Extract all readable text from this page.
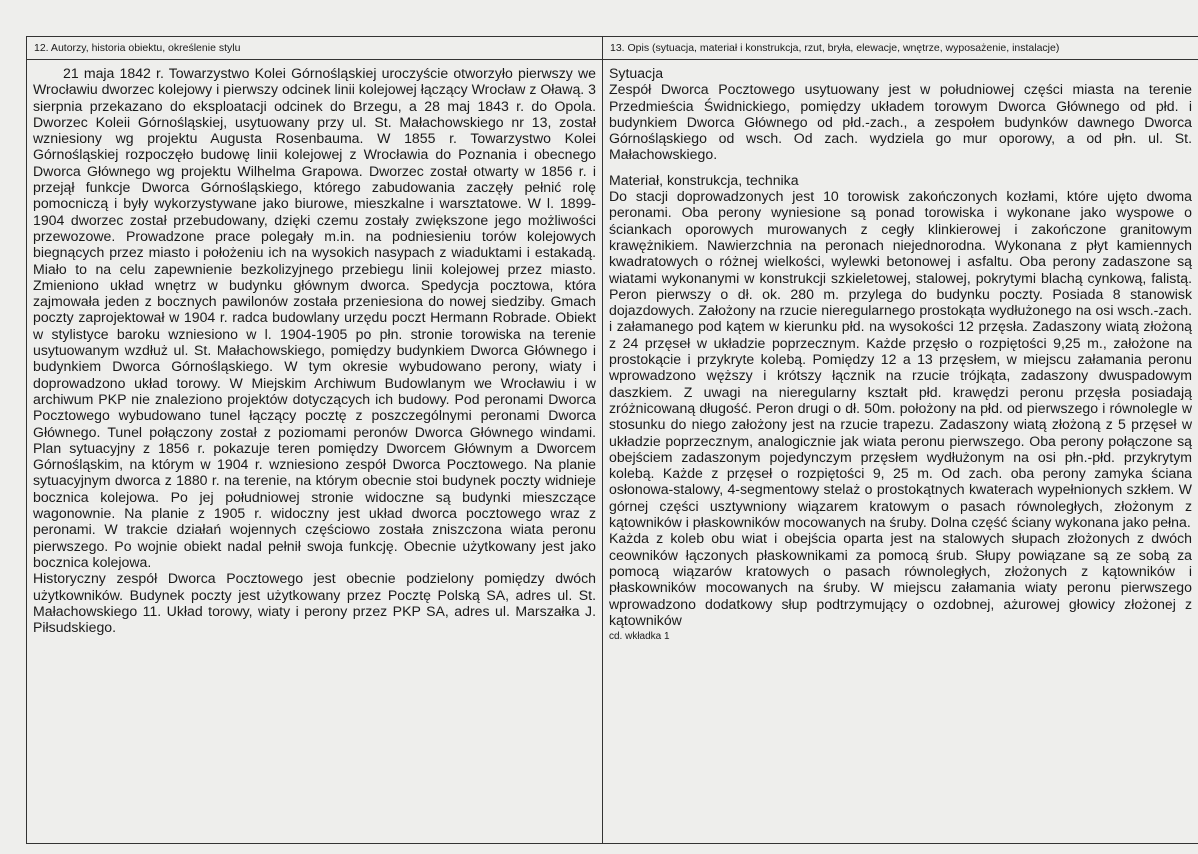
12. Autorzy, historia obiektu, określenie stylu

21 maja 1842 r. Towarzystwo Kolei Górnośląskiej uroczyście otworzyło pierwszy we Wrocławiu dworzec kolejowy i pierwszy odcinek linii kolejowej łączący Wrocław z Oławą. 3 sierpnia przekazano do eksploatacji odcinek do Brzegu, a 28 maj 1843 r. do Opola. Dworzec Koleii Górnośląskiej, usytuowany przy ul. St. Małachowskiego nr 13, został wzniesiony wg projektu Augusta Rosenbauma. W 1855 r. Towarzystwo Kolei Górnośląskiej rozpoczęło budowę linii kolejowej z Wrocławia do Poznania i obecnego Dworca Głównego wg projektu Wilhelma Grapowa. Dworzec został otwarty w 1856 r. i przejął funkcje Dworca Górnośląskiego, którego zabudowania zaczęły pełnić rolę pomocniczą i były wykorzystywane jako biurowe, mieszkalne i warsztatowe. W l. 1899-1904 dworzec został przebudowany, dzięki czemu zostały zwiększone jego możliwości przewozowe. Prowadzone prace polegały m.in. na podniesieniu torów kolejowych biegnących przez miasto i położeniu ich na wysokich nasypach z wiaduktami i estakadą. Miało to na celu zapewnienie bezkolizyjnego przebiegu linii kolejowej przez miasto. Zmieniono układ wnętrz w budynku głównym dworca. Spedycja pocztowa, która zajmowała jeden z bocznych pawilonów została przeniesiona do nowej siedziby. Gmach poczty zaprojektował w 1904 r. radca budowlany urzędu poczt Hermann Robrade. Obiekt w stylistyce baroku wzniesiono w l. 1904-1905 po płn. stronie torowiska na terenie usytuowanym wzdłuż ul. St. Małachowskiego, pomiędzy budynkiem Dworca Głównego i budynkiem Dworca Górnośląskiego. W tym okresie wybudowano perony, wiaty i doprowadzono układ torowy. W Miejskim Archiwum Budowlanym we Wrocławiu i w archiwum PKP nie znaleziono projektów dotyczących ich budowy. Pod peronami Dworca Pocztowego wybudowano tunel łączący pocztę z poszczególnymi peronami Dworca Głównego. Tunel połączony został z poziomami peronów Dworca Głównego windami. Plan sytuacyjny z 1856 r. pokazuje teren pomiędzy Dworcem Głównym a Dworcem Górnośląskim, na którym w 1904 r. wzniesiono zespół Dworca Pocztowego. Na planie sytuacyjnym dworca z 1880 r. na terenie, na którym obecnie stoi budynek poczty widnieje bocznica kolejowa. Po jej południowej stronie widoczne są budynki mieszczące wagonownie. Na planie z 1905 r. widoczny jest układ dworca pocztowego wraz z peronami. W trakcie działań wojennych częściowo została zniszczona wiata peronu pierwszego. Po wojnie obiekt nadal pełnił swoja funkcję. Obecnie użytkowany jest jako bocznica kolejowa.

Historyczny zespół Dworca Pocztowego jest obecnie podzielony pomiędzy dwóch użytkowników. Budynek poczty jest użytkowany przez Pocztę Polską SA, adres ul. St. Małachowskiego 11. Układ torowy, wiaty i perony przez PKP SA, adres ul. Marszałka J. Piłsudskiego.

13. Opis (sytuacja, materiał i konstrukcja, rzut, bryła, elewacje, wnętrze, wyposażenie, instalacje)

Sytuacja

Zespół Dworca Pocztowego usytuowany jest w południowej części miasta na terenie Przedmieścia Świdnickiego, pomiędzy układem torowym Dworca Głównego od płd. i budynkiem Dworca Głównego od płd.-zach., a zespołem budynków dawnego Dworca Górnośląskiego od wsch. Od zach. wydziela go mur oporowy, a od płn. ul. St. Małachowskiego.

Materiał, konstrukcja, technika

Do stacji doprowadzonych jest 10 torowisk zakończonych kozłami, które ujęto dwoma peronami. Oba perony wyniesione są ponad torowiska i wykonane jako wyspowe o ściankach oporowych murowanych z cegły klinkierowej i zakończone granitowym krawężnikiem. Nawierzchnia na peronach niejednorodna. Wykonana z płyt kamiennych kwadratowych o różnej wielkości, wylewki betonowej i asfaltu. Oba perony zadaszone są wiatami wykonanymi w konstrukcji szkieletowej, stalowej, pokrytymi blachą cynkową, falistą. Peron pierwszy o dł. ok. 280 m. przylega do budynku poczty. Posiada 8 stanowisk dojazdowych. Założony na rzucie nieregularnego prostokąta wydłużonego na osi wsch.-zach. i załamanego pod kątem w kierunku płd. na wysokości 12 przęsła. Zadaszony wiatą złożoną z 24 przęseł w układzie poprzecznym. Każde przęsło o rozpiętości 9,25 m., założone na prostokącie i przykryte kolebą. Pomiędzy 12 a 13 przęsłem, w miejscu załamania peronu wprowadzono węższy i krótszy łącznik na rzucie trójkąta, zadaszony dwuspadowym daszkiem. Z uwagi na nieregularny kształt płd. krawędzi peronu przęsła posiadają zróżnicowaną długość. Peron drugi o dł. 50m. położony na płd. od pierwszego i równolegle w stosunku do niego założony jest na rzucie trapezu. Zadaszony wiatą złożoną z 5 przęseł w układzie poprzecznym, analogicznie jak wiata peronu pierwszego. Oba perony połączone są obejściem zadaszonym pojedynczym przęsłem wydłużonym na osi płn.-płd. przykrytym kolebą. Każde z przęseł o rozpiętości 9, 25 m. Od zach. oba perony zamyka ściana osłonowa-stalowy, 4-segmentowy stelaż o prostokątnych kwaterach wypełnionych szkłem. W górnej części usztywniony wiązarem kratowym o pasach równoległych, złożonym z kątowników i płaskowników mocowanych na śruby. Dolna część ściany wykonana jako pełna.

Każda z koleb obu wiat i obejścia oparta jest na stalowych słupach złożonych z dwóch ceowników łączonych płaskownikami za pomocą śrub. Słupy powiązane są ze sobą za pomocą wiązarów kratowych o pasach równoległych, złożonych z kątowników i płaskowników mocowanych na śruby. W miejscu załamania wiaty peronu pierwszego wprowadzono dodatkowy słup podtrzymujący o ozdobnej, ażurowej głowicy złożonej z kątowników

cd. wkładka 1
